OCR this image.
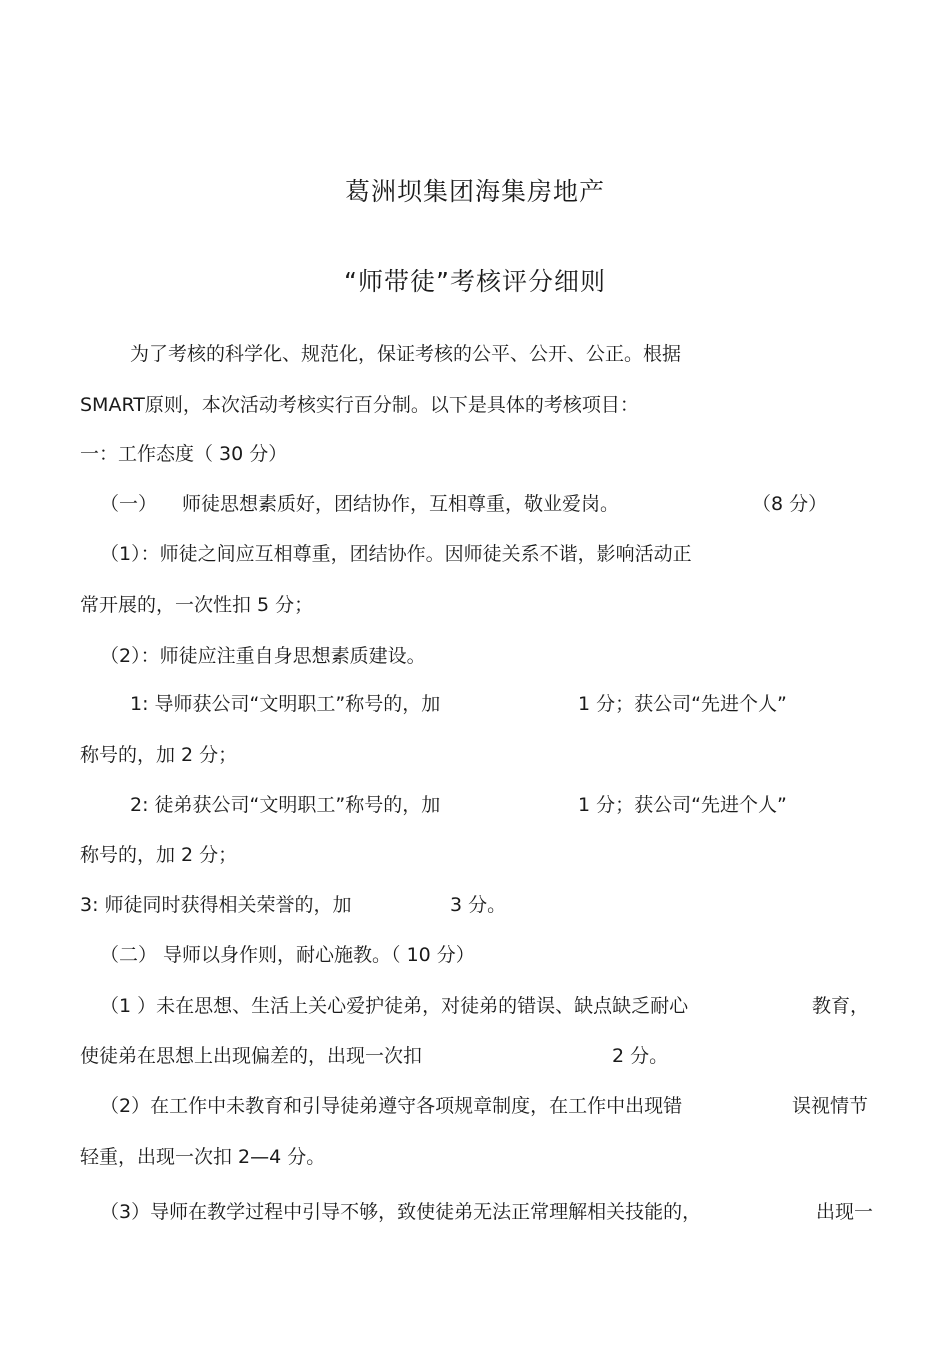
葛洲坝集团海集房地产
“师带徒”考核评分细则
为了考核的科学化、规范化，保证考核的公平、公开、公正。根据
SMART原则，本次活动考核实行百分制。以下是具体的考核项目：
一：工作态度（ 30 分）
（一） 师徒思想素质好，团结协作，互相尊重，敬业爱岗。	（8 分）
（1）：师徒之间应互相尊重，团结协作。因师徒关系不谐，影响活动正
常开展的，一次性扣 5 分；
（2）：师徒应注重自身思想素质建设。
1: 导师获公司“文明职工”称号的，加	1 分；获公司“先进个人”
称号的，加 2 分；
2: 徒弟获公司“文明职工”称号的，加	1 分；获公司“先进个人”
称号的，加 2 分；
3: 师徒同时获得相关荣誉的，加	3 分。
（二） 导师以身作则，耐心施教。（ 10 分）
（1 ）未在思想、生活上关心爱护徒弟，对徒弟的错误、缺点缺乏耐心	教育，
使徒弟在思想上出现偏差的，出现一次扣	2 分。
（2）在工作中未教育和引导徒弟遵守各项规章制度，在工作中出现错	误视情节
轻重，出现一次扣 2—4 分。
（3）导师在教学过程中引导不够，致使徒弟无法正常理解相关技能的，	出现一
